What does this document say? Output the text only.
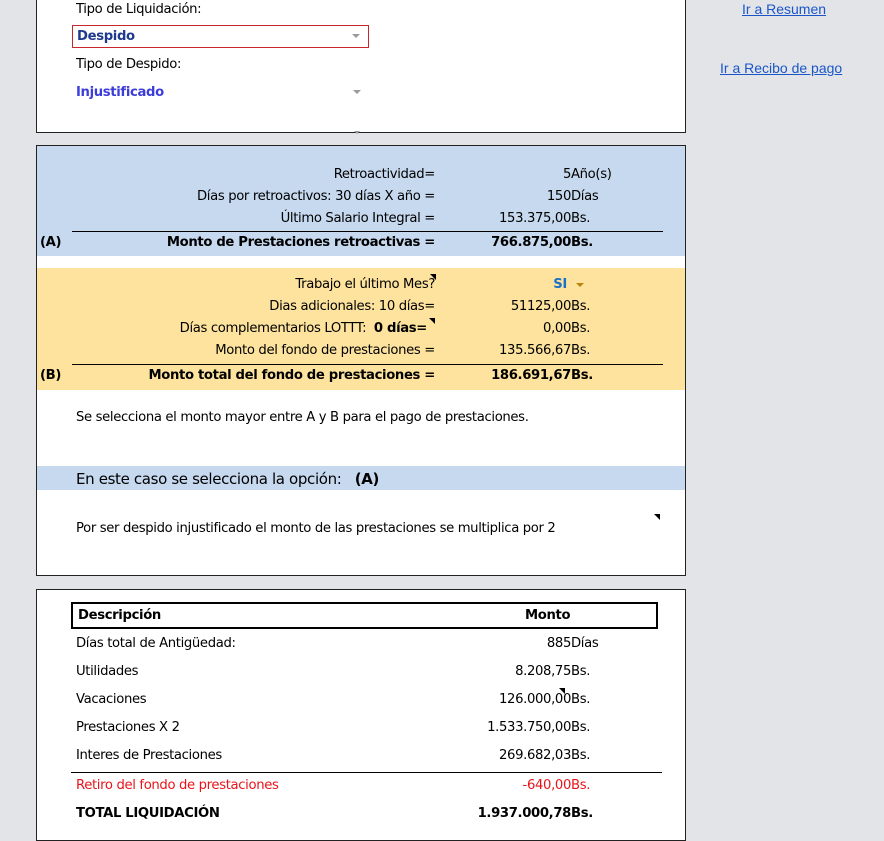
Ir a Resumen
Ir a Recibo de pago
Tipo de Liquidación:
Despido
Tipo de Despido:
Injustificado
Retroactividad=	5 Año(s)
Días por retroactivos: 30 días X año =	150 Días
Último Salario Integral =	153.375,00 Bs.
(A)	Monto de Prestaciones retroactivas =	766.875,00 Bs.
Trabajo el último Mes?	SI
Dias adicionales: 10 días=	51125,00 Bs.
Días complementarios LOTTT: 0 días=	0,00 Bs.
Monto del fondo de prestaciones =	135.566,67 Bs.
(B)	Monto total del fondo de prestaciones =	186.691,67 Bs.
Se selecciona el monto mayor entre A y B para el pago de prestaciones.
En este caso se selecciona la opción: (A)
Por ser despido injustificado el monto de las prestaciones se multiplica por 2
Descripción	Monto
Días total de Antigüedad:	885 Días
Utilidades	8.208,75 Bs.
Vacaciones	126.000,00 Bs.
Prestaciones X 2	1.533.750,00 Bs.
Interes de Prestaciones	269.682,03 Bs.
Retiro del fondo de prestaciones	-640,00 Bs.
TOTAL LIQUIDACIÓN	1.937.000,78 Bs.
